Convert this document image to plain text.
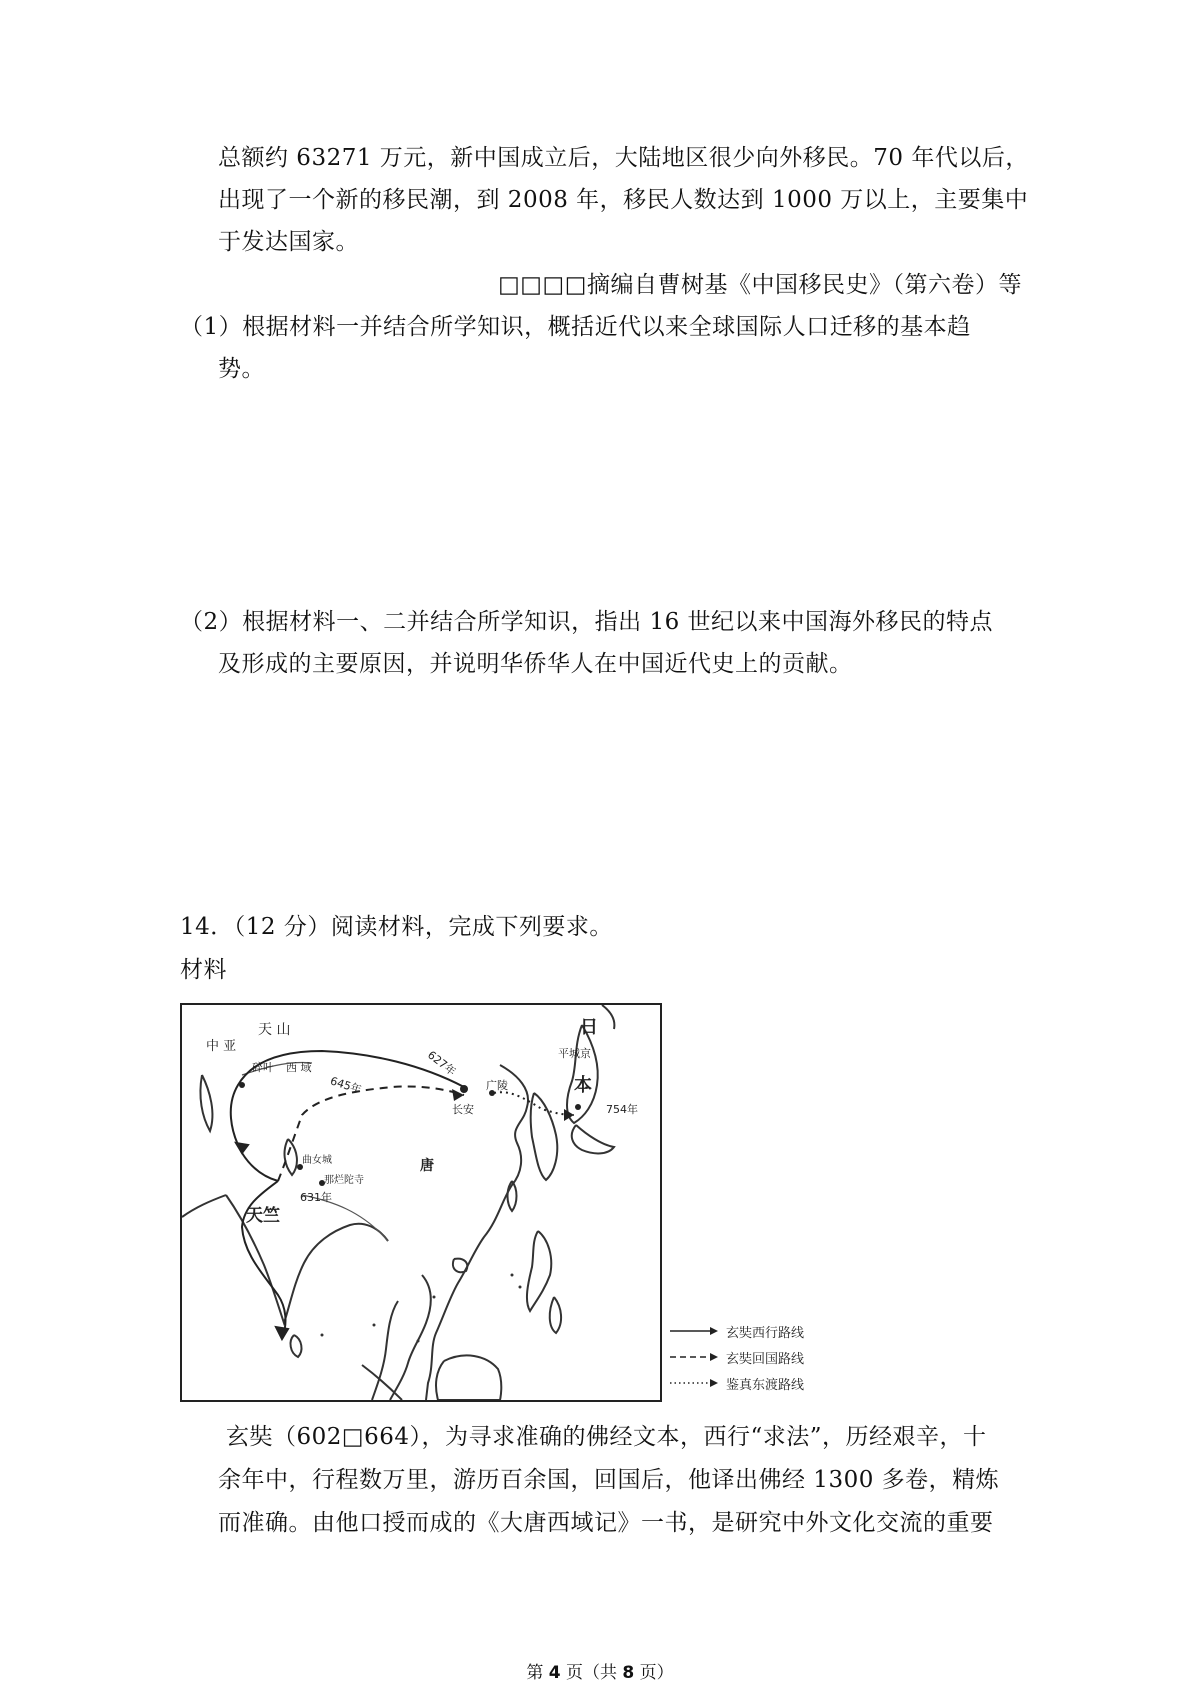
总额约 63271 万元，新中国成立后，大陆地区很少向外移民。70 年代以后，
出现了一个新的移民潮，到 2008 年，移民人数达到 1000 万以上，主要集中
于发达国家。
□□□□摘编自曹树基《中国移民史》（第六卷）等
（1）根据材料一并结合所学知识，概括近代以来全球国际人口迁移的基本趋
势。
（2）根据材料一、二并结合所学知识，指出 16 世纪以来中国海外移民的特点
及形成的主要原因，并说明华侨华人在中国近代史上的贡献。
14．（12 分）阅读材料，完成下列要求。
材料
中 亚
天 山
碎叶 西 域
645年
627年
长安
广陵
日
平城京
本
754年
曲女城
那烂陀寺
631年
天竺
唐
玄奘西行路线
玄奘回国路线
鉴真东渡路线
玄奘（602□664），为寻求准确的佛经文本，西行“求法”，历经艰辛，十
余年中，行程数万里，游历百余国，回国后，他译出佛经 1300 多卷，精炼
而准确。由他口授而成的《大唐西域记》一书，是研究中外文化交流的重要
第 4 页（共 8 页）
